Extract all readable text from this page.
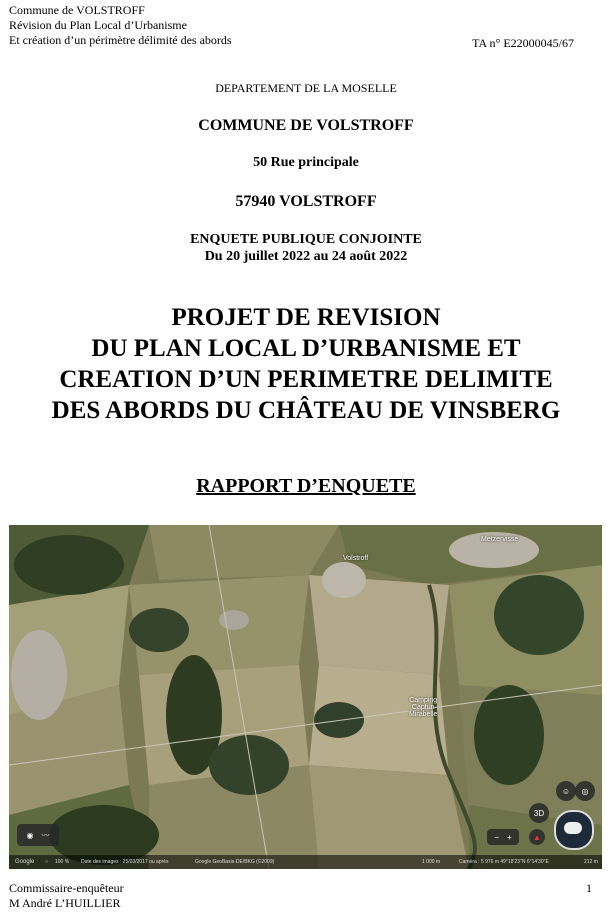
Commune de VOLSTROFF
Révision du Plan Local d’Urbanisme
Et création d’un périmètre délimité des abords	TA n° E22000045/67
DEPARTEMENT DE LA MOSELLE
COMMUNE DE VOLSTROFF
50 Rue principale
57940 VOLSTROFF
ENQUETE PUBLIQUE CONJOINTE
Du 20 juillet 2022 au 24 août 2022
PROJET DE REVISION
DU PLAN LOCAL D’URBANISME ET
CREATION D’UN PERIMETRE DELIMITE
DES ABORDS DU CHÂTEAU DE VINSBERG
RAPPORT D’ENQUETE
Volstroff
Metzervisse
Camping
Capfun
Mirabelle
◉ 〰
☺	◎
3D
− +	▲
Google ○ 100 % Date des images : 25/03/2017 ou après	Google GeoBasis-DE/BKG (©2009)	1 000 m	Caméra : 5 976 m 49°18'23"N 6°14'30"E	212 m
Commissaire-enquêteur
M André L’HUILLIER
1
